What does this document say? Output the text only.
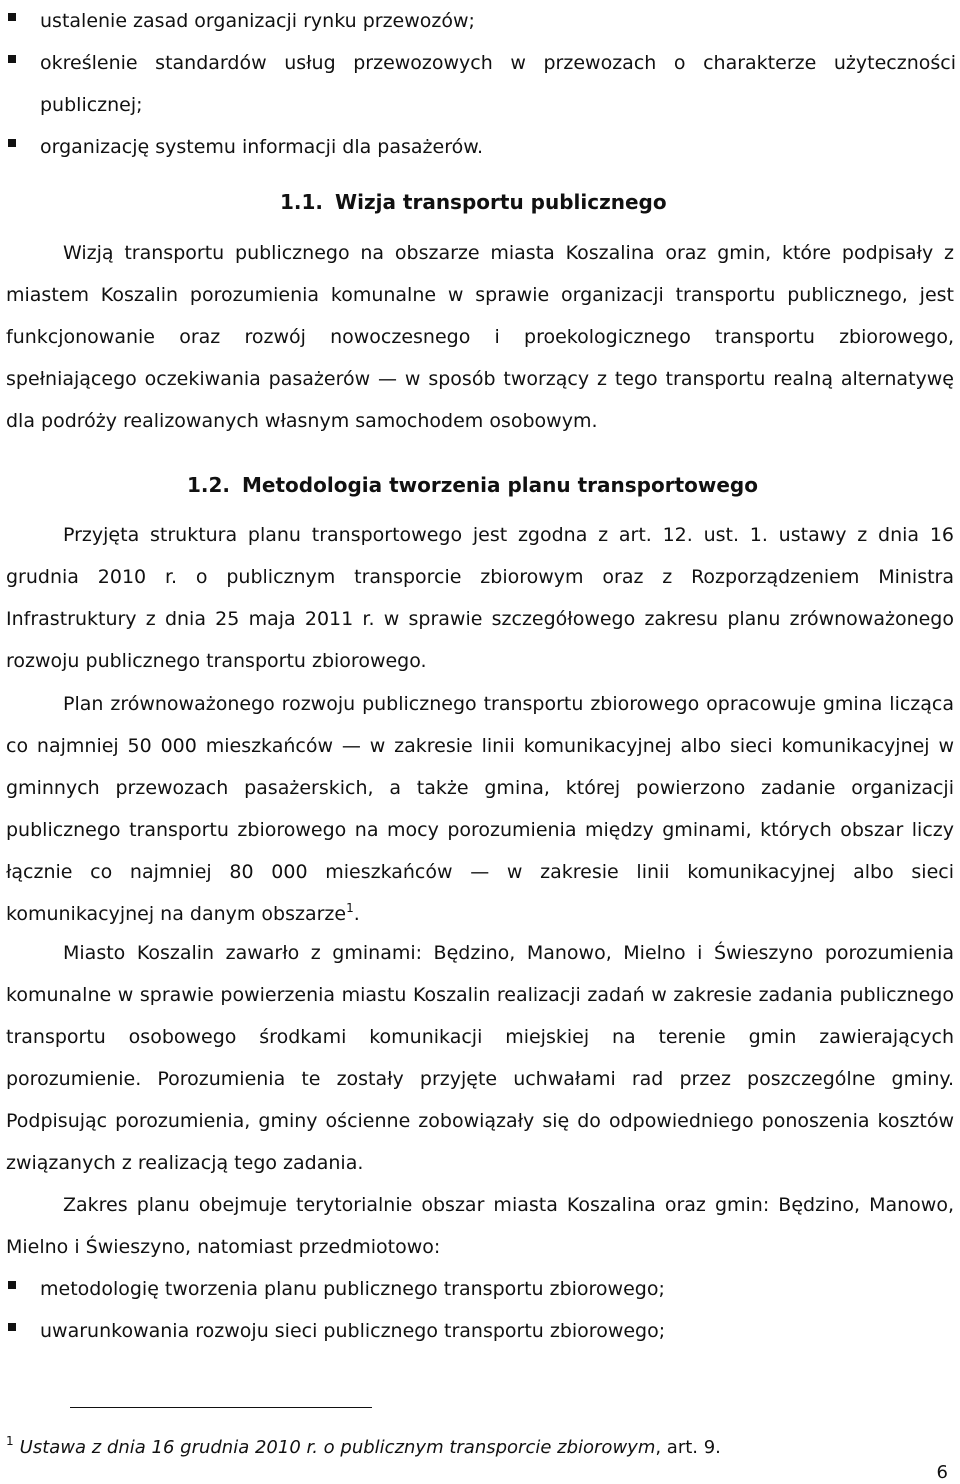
ustalenie zasad organizacji rynku przewozów;
określenie standardów usług przewozowych w przewozach o charakterze użyteczności publicznej;
organizację systemu informacji dla pasażerów.
1.1. Wizja transportu publicznego

Wizją transportu publicznego na obszarze miasta Koszalina oraz gmin, które podpisały z miastem Koszalin porozumienia komunalne w sprawie organizacji transportu publicznego, jest funkcjonowanie oraz rozwój nowoczesnego i proekologicznego transportu zbiorowego, spełniającego oczekiwania pasażerów — w sposób tworzący z tego transportu realną alternatywę dla podróży realizowanych własnym samochodem osobowym.

1.2. Metodologia tworzenia planu transportowego

Przyjęta struktura planu transportowego jest zgodna z art. 12. ust. 1. ustawy z dnia 16 grudnia 2010 r. o publicznym transporcie zbiorowym oraz z Rozporządzeniem Ministra Infrastruktury z dnia 25 maja 2011 r. w sprawie szczegółowego zakresu planu zrównoważonego rozwoju publicznego transportu zbiorowego.

Plan zrównoważonego rozwoju publicznego transportu zbiorowego opracowuje gmina licząca co najmniej 50 000 mieszkańców — w zakresie linii komunikacyjnej albo sieci komunikacyjnej w gminnych przewozach pasażerskich, a także gmina, której powierzono zadanie organizacji publicznego transportu zbiorowego na mocy porozumienia między gminami, których obszar liczy łącznie co najmniej 80 000 mieszkańców — w zakresie linii komunikacyjnej albo sieci komunikacyjnej na danym obszarze$^1$.

Miasto Koszalin zawarło z gminami: Będzino, Manowo, Mielno i Świeszyno porozumienia komunalne w sprawie powierzenia miastu Koszalin realizacji zadań w zakresie zadania publicznego transportu osobowego środkami komunikacji miejskiej na terenie gmin zawierających porozumienie. Porozumienia te zostały przyjęte uchwałami rad przez poszczególne gminy. Podpisując porozumienia, gminy ościenne zobowiązały się do odpowiedniego ponoszenia kosztów związanych z realizacją tego zadania.

Zakres planu obejmuje terytorialnie obszar miasta Koszalina oraz gmin: Będzino, Manowo, Mielno i Świeszyno, natomiast przedmiotowo:

metodologię tworzenia planu publicznego transportu zbiorowego;
uwarunkowania rozwoju sieci publicznego transportu zbiorowego;
$^1$ Ustawa z dnia 16 grudnia 2010 r. o publicznym transporcie zbiorowym, art. 9.
6
